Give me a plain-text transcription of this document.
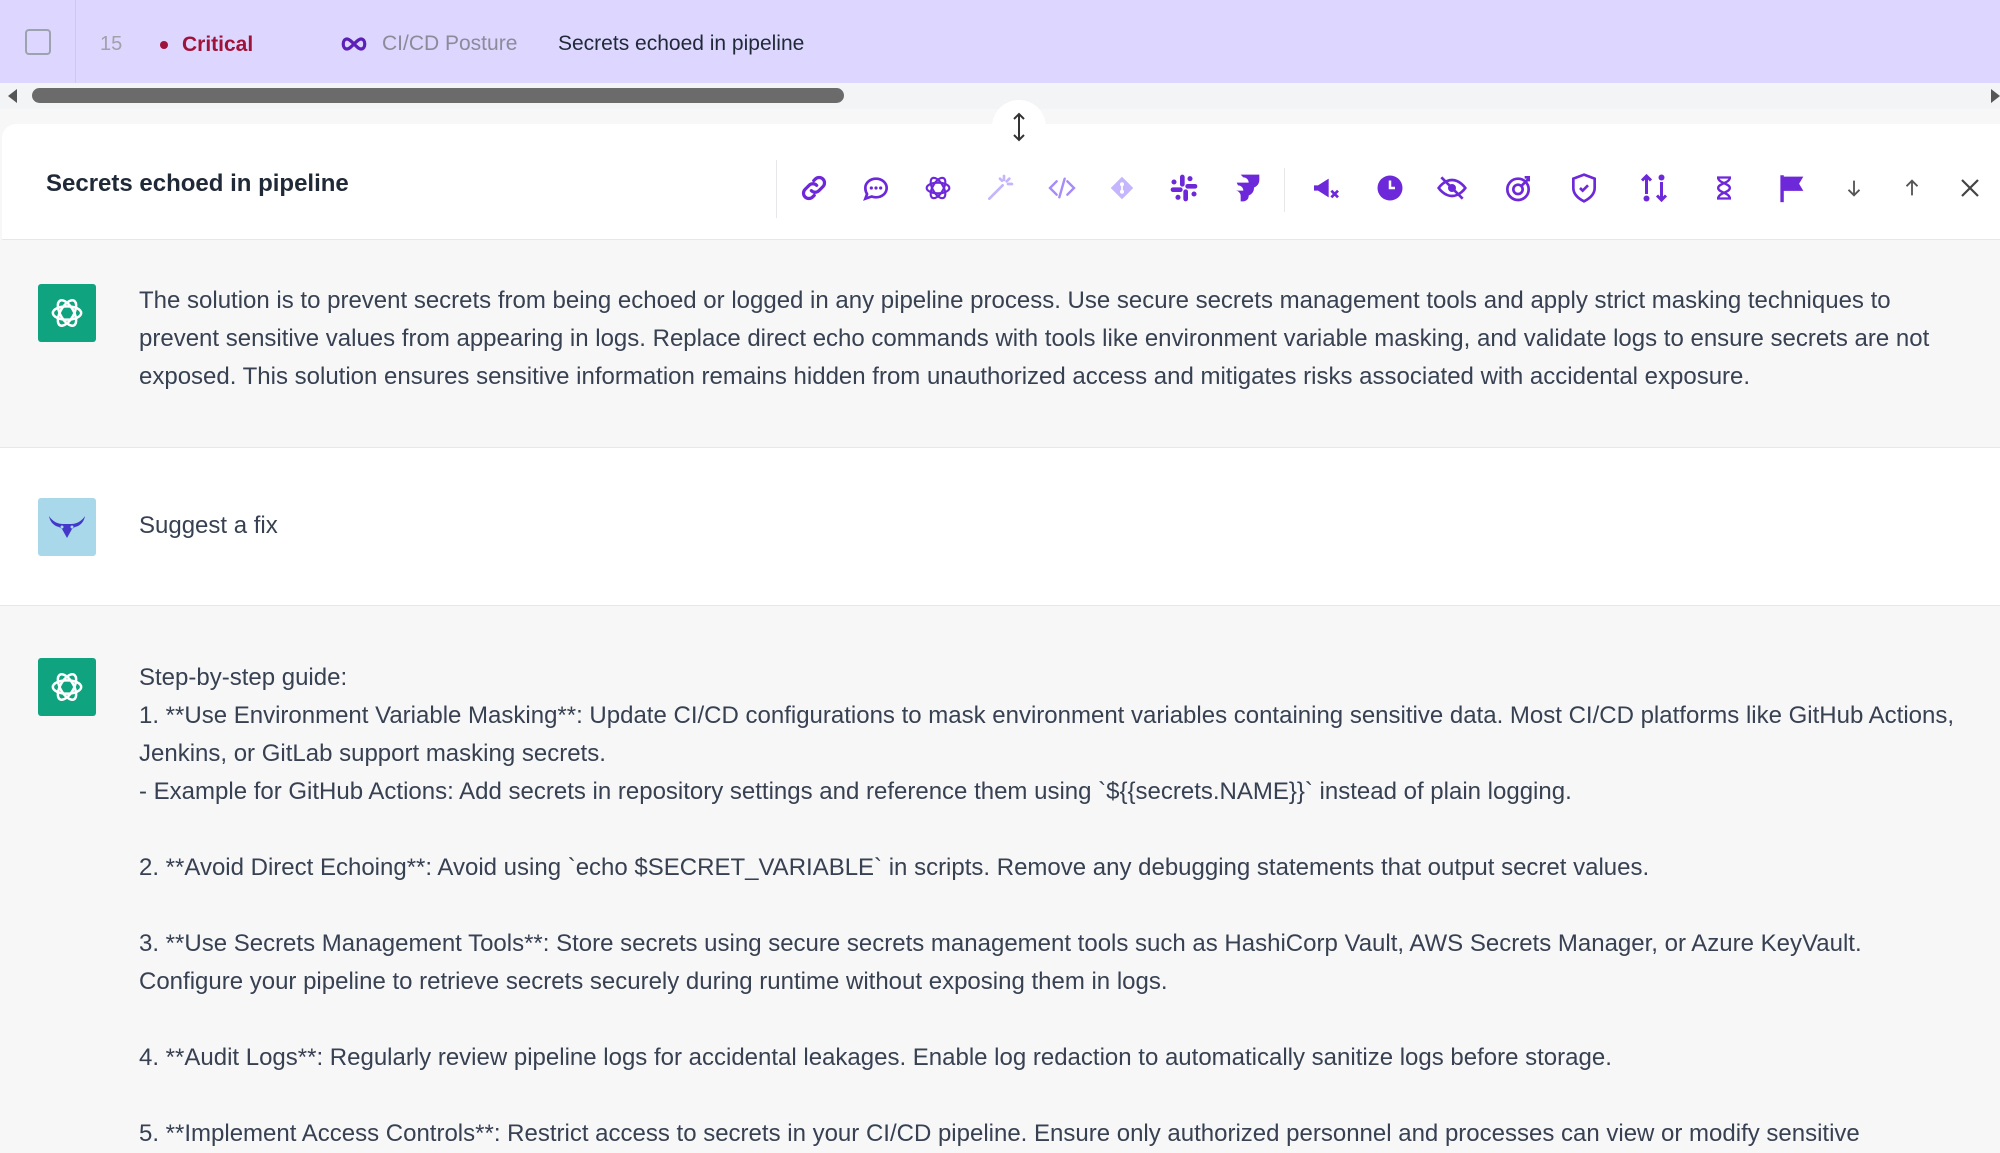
15	Critical	CI/CD Posture Secrets echoed in pipeline
Secrets echoed in pipeline
The solution is to prevent secrets from being echoed or logged in any pipeline process. Use secure secrets management tools and apply strict masking techniques to prevent sensitive values from appearing in logs. Replace direct echo commands with tools like environment variable masking, and validate logs to ensure secrets are not exposed. This solution ensures sensitive information remains hidden from unauthorized access and mitigates risks associated with accidental exposure.
Suggest a fix
Step-by-step guide:
1. **Use Environment Variable Masking**: Update CI/CD configurations to mask environment variables containing sensitive data. Most CI/CD platforms like GitHub Actions, Jenkins, or GitLab support masking secrets.
- Example for GitHub Actions: Add secrets in repository settings and reference them using `${{secrets.NAME}}` instead of plain logging.

2. **Avoid Direct Echoing**: Avoid using `echo $SECRET_VARIABLE` in scripts. Remove any debugging statements that output secret values.

3. **Use Secrets Management Tools**: Store secrets using secure secrets management tools such as HashiCorp Vault, AWS Secrets Manager, or Azure KeyVault. Configure your pipeline to retrieve secrets securely during runtime without exposing them in logs.

4. **Audit Logs**: Regularly review pipeline logs for accidental leakages. Enable log redaction to automatically sanitize logs before storage.

5. **Implement Access Controls**: Restrict access to secrets in your CI/CD pipeline. Ensure only authorized personnel and processes can view or modify sensitive
